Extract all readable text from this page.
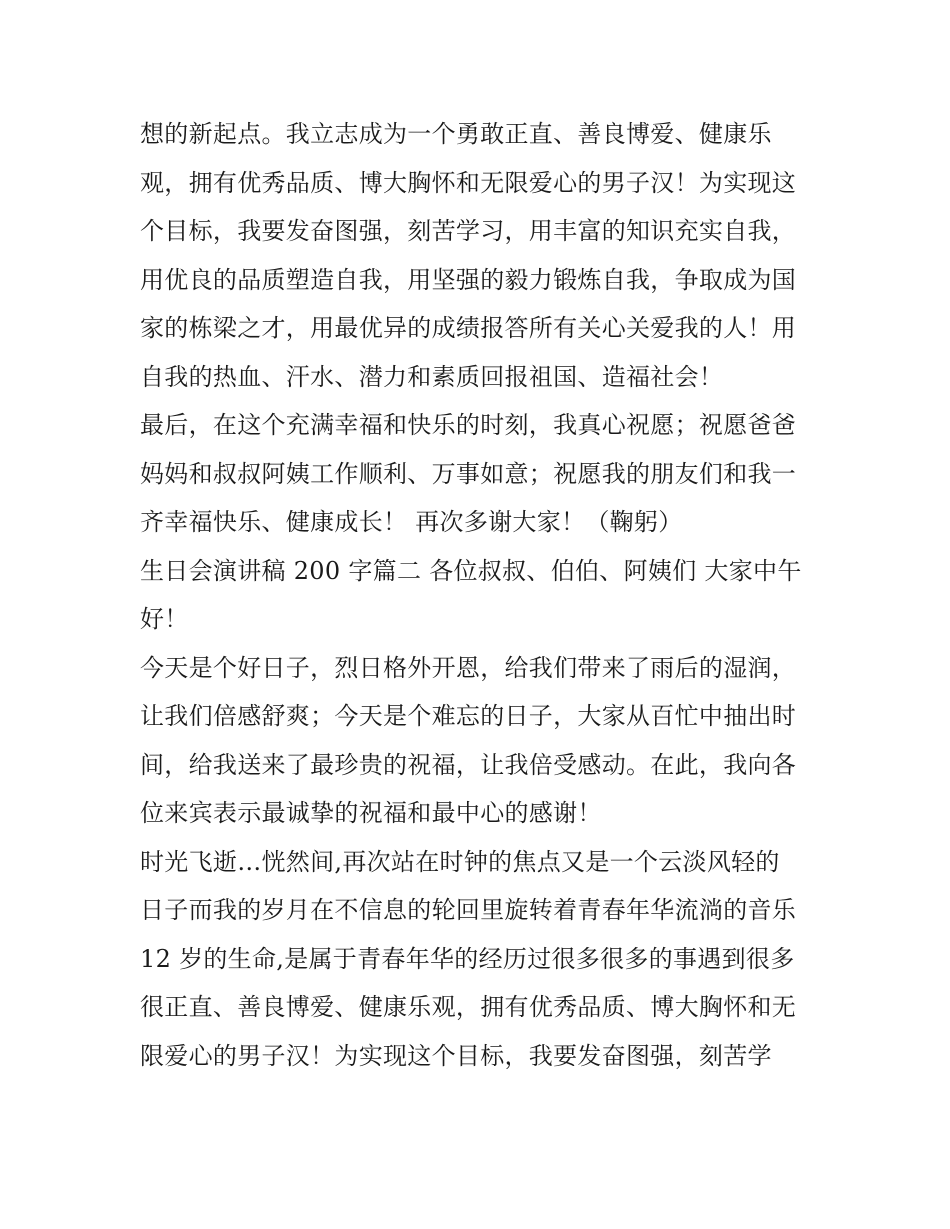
想的新起点。我立志成为一个勇敢正直、善良博爱、健康乐
观，拥有优秀品质、博大胸怀和无限爱心的男子汉！为实现这
个目标，我要发奋图强，刻苦学习，用丰富的知识充实自我，
用优良的品质塑造自我，用坚强的毅力锻炼自我，争取成为国
家的栋梁之才，用最优异的成绩报答所有关心关爱我的人！用
自我的热血、汗水、潜力和素质回报祖国、造福社会！
最后，在这个充满幸福和快乐的时刻，我真心祝愿；祝愿爸爸
妈妈和叔叔阿姨工作顺利、万事如意；祝愿我的朋友们和我一
齐幸福快乐、健康成长！ 再次多谢大家！（鞠躬）
生日会演讲稿 200 字篇二 各位叔叔、伯伯、阿姨们 大家中午
好！
今天是个好日子，烈日格外开恩，给我们带来了雨后的湿润，
让我们倍感舒爽；今天是个难忘的日子，大家从百忙中抽出时
间，给我送来了最珍贵的祝福，让我倍受感动。在此，我向各
位来宾表示最诚挚的祝福和最中心的感谢！
时光飞逝…恍然间,再次站在时钟的焦点又是一个云淡风轻的
日子而我的岁月在不信息的轮回里旋转着青春年华流淌的音乐
12 岁的生命,是属于青春年华的经历过很多很多的事遇到很多
很正直、善良博爱、健康乐观，拥有优秀品质、博大胸怀和无
限爱心的男子汉！为实现这个目标，我要发奋图强，刻苦学
